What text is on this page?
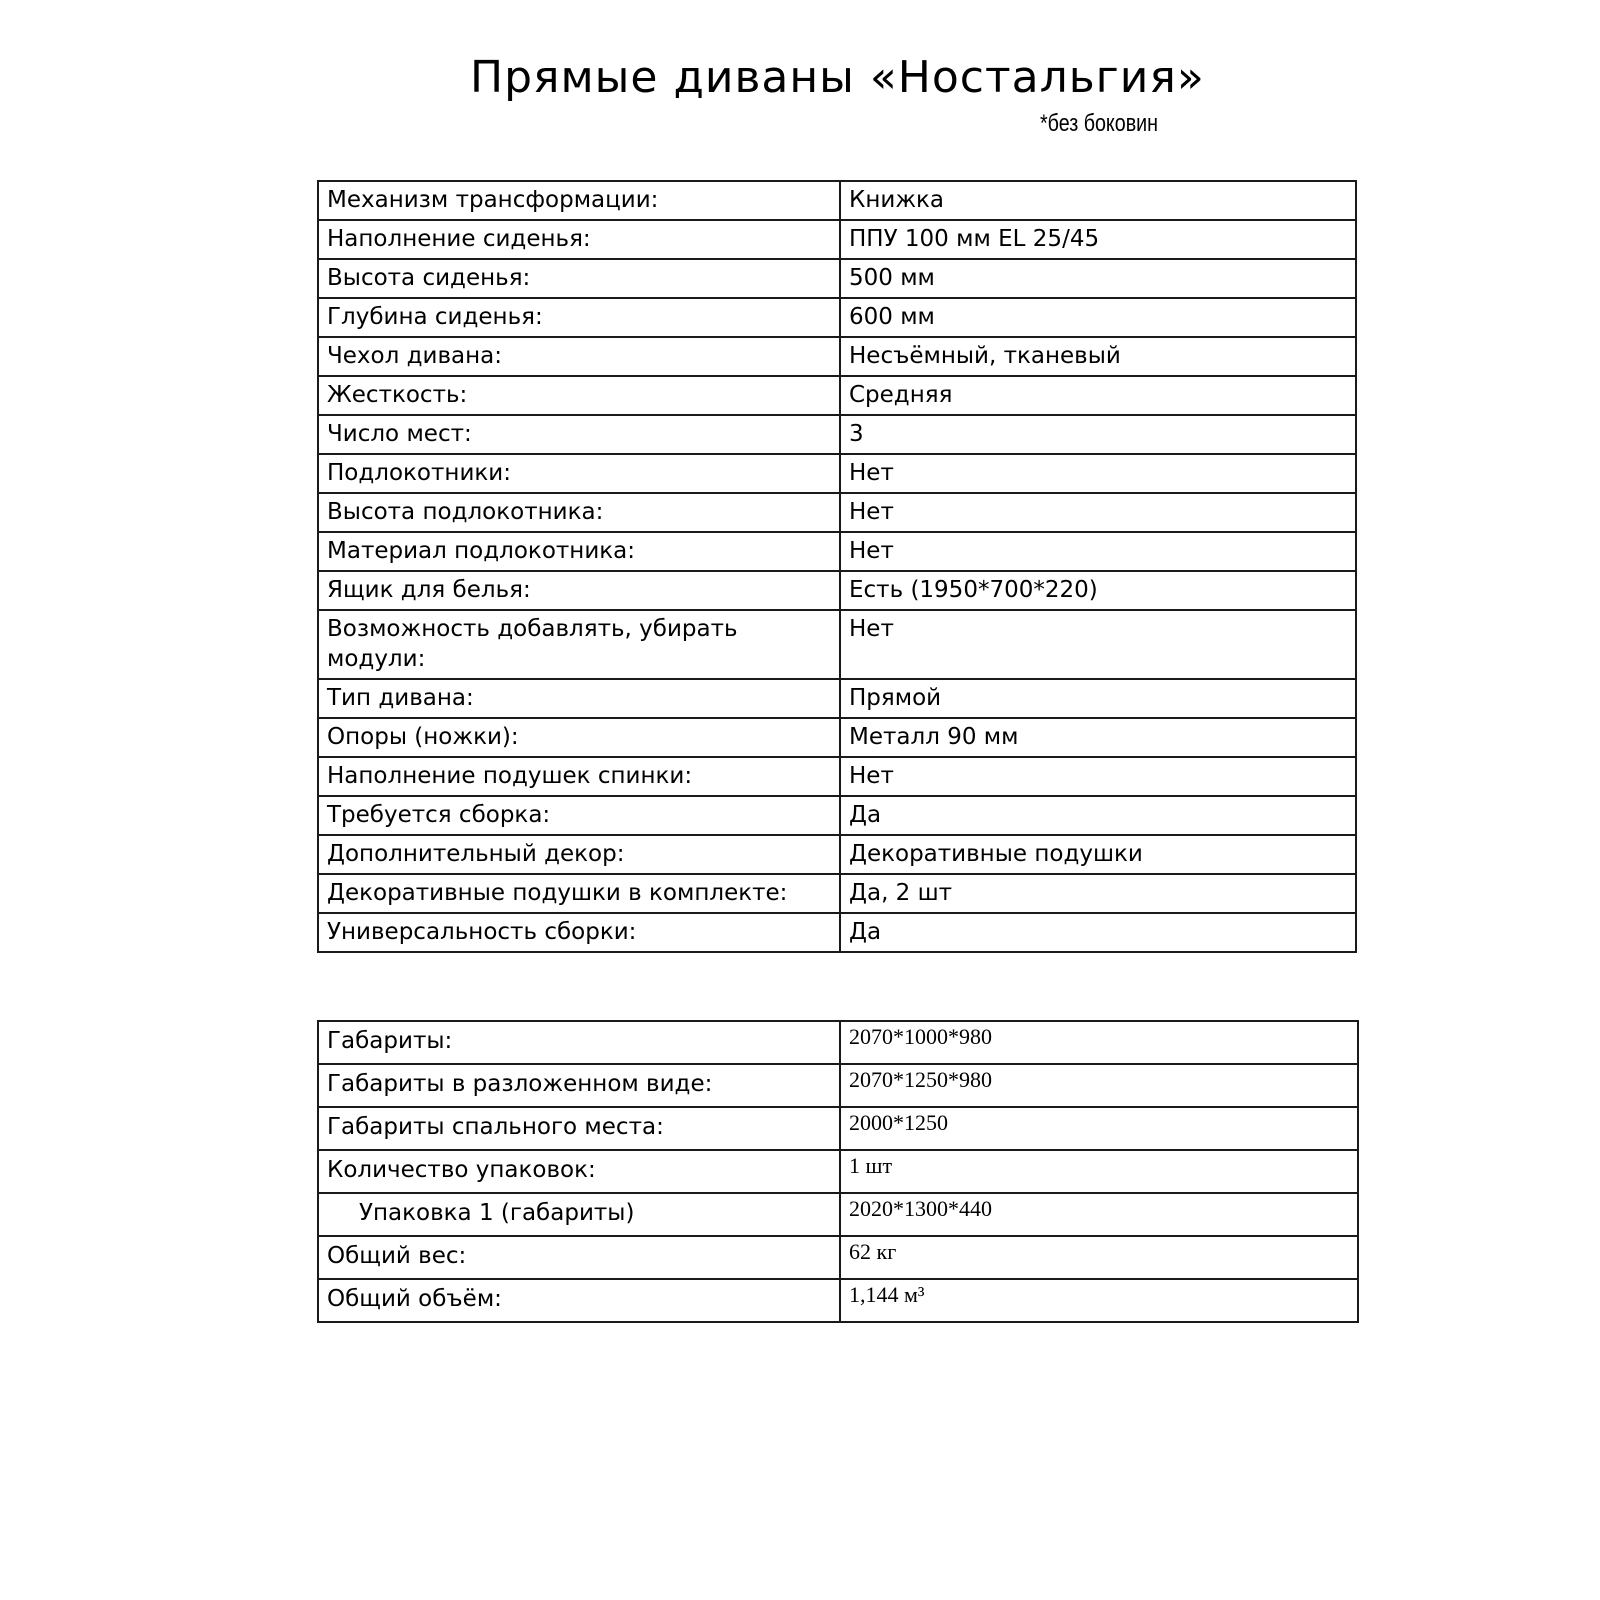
Прямые диваны «Ностальгия»
*без боковин
Механизм трансформации:	Книжка
Наполнение сиденья:	ППУ 100 мм EL 25/45
Высота сиденья:	500 мм
Глубина сиденья:	600 мм
Чехол дивана:	Несъёмный, тканевый
Жесткость:	Средняя
Число мест:	3
Подлокотники:	Нет
Высота подлокотника:	Нет
Материал подлокотника:	Нет
Ящик для белья:	Есть (1950*700*220)
Возможность добавлять, убирать модули:	Нет
Тип дивана:	Прямой
Опоры (ножки):	Металл 90 мм
Наполнение подушек спинки:	Нет
Требуется сборка:	Да
Дополнительный декор:	Декоративные подушки
Декоративные подушки в комплекте:	Да, 2 шт
Универсальность сборки:	Да
Габариты:	2070*1000*980
Габариты в разложенном виде:	2070*1250*980
Габариты спального места:	2000*1250
Количество упаковок:	1 шт
Упаковка 1 (габариты)	2020*1300*440
Общий вес:	62 кг
Общий объём:	1,144 м³
